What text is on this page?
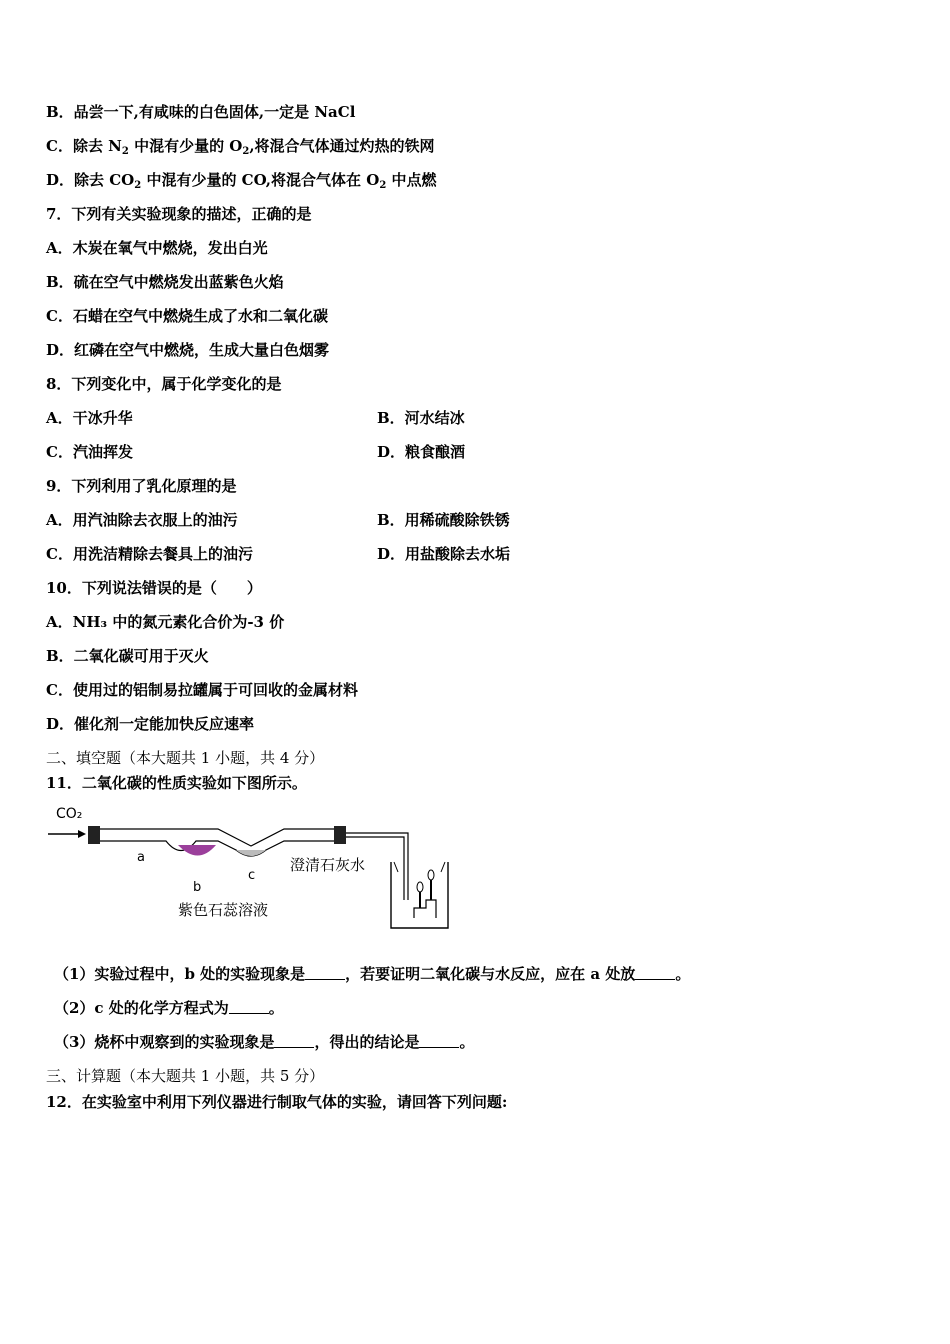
B．品尝一下,有咸味的白色固体,一定是 NaCl
C．除去 $N_2$ 中混有少量的 $O_2$,将混合气体通过灼热的铁网
D．除去 $CO_2$ 中混有少量的 CO,将混合气体在 $O_2$ 中点燃
7．下列有关实验现象的描述，正确的是
A．木炭在氧气中燃烧，发出白光
B．硫在空气中燃烧发出蓝紫色火焰
C．石蜡在空气中燃烧生成了水和二氧化碳
D．红磷在空气中燃烧，生成大量白色烟雾
8．下列变化中，属于化学变化的是
A．干冰升华	B．河水结冰
C．汽油挥发	D．粮食酿酒
9．下列利用了乳化原理的是
A．用汽油除去衣服上的油污	B．用稀硫酸除铁锈
C．用洗洁精除去餐具上的油污	D．用盐酸除去水垢
10．下列说法错误的是（　　）
A．NH₃ 中的氮元素化合价为-3 价
B．二氧化碳可用于灭火
C．使用过的铝制易拉罐属于可回收的金属材料
D．催化剂一定能加快反应速率
二、填空题（本大题共 1 小题，共 4 分）
11．二氧化碳的性质实验如下图所示。
CO₂
a
b
c
澄清石灰水
紫色石蕊溶液
（1）实验过程中，b 处的实验现象是	，若要证明二氧化碳与水反应，应在 a 处放	。
（2）c 处的化学方程式为	。
（3）烧杯中观察到的实验现象是	，得出的结论是	。
三、计算题（本大题共 1 小题，共 5 分）
12．在实验室中利用下列仪器进行制取气体的实验，请回答下列问题:
